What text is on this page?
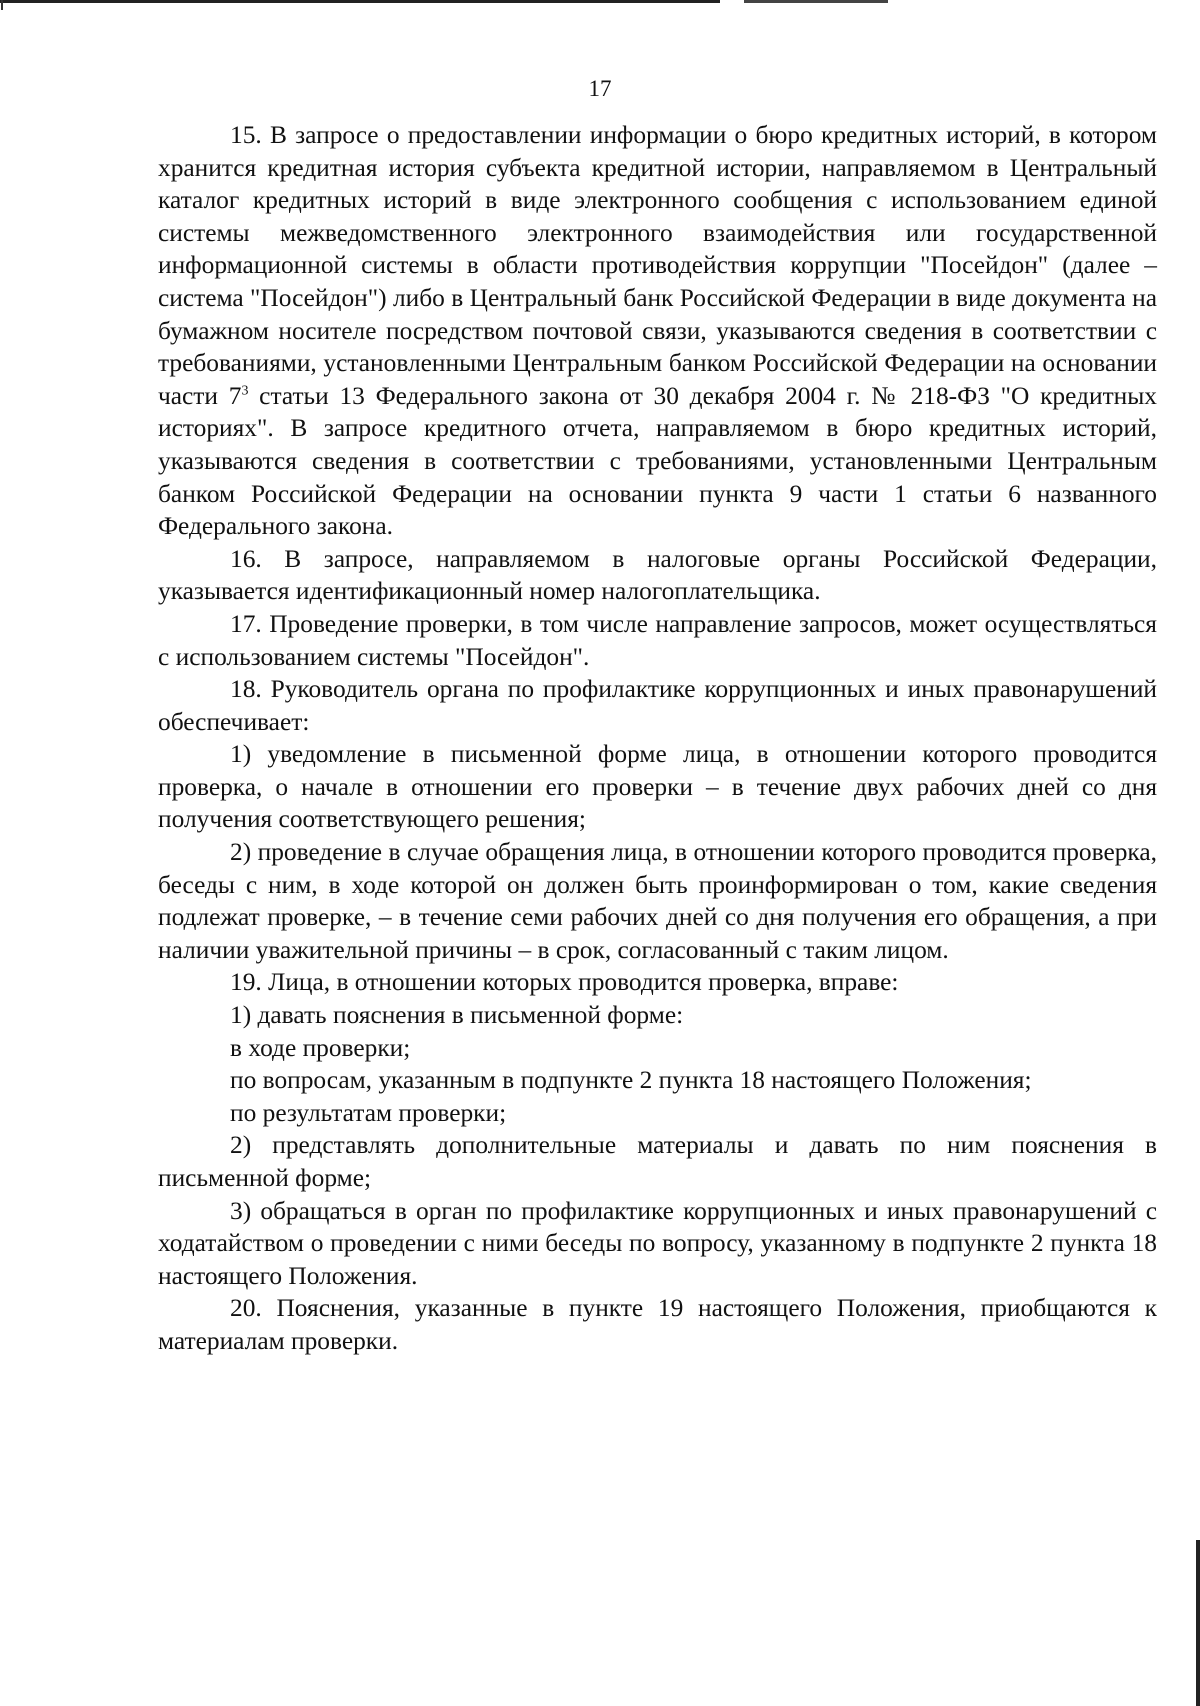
17

15. В запросе о предоставлении информации о бюро кредитных историй, в котором хранится кредитная история субъекта кредитной истории, направляемом в Центральный каталог кредитных историй в виде электронного сообщения с использованием единой системы межведомственного электронного взаимодействия или государственной информационной системы в области противодействия коррупции "Посейдон" (далее – система "Посейдон") либо в Центральный банк Российской Федерации в виде документа на бумажном носителе посредством почтовой связи, указываются сведения в соответствии с требованиями, установленными Центральным банком Российской Федерации на основании части $7^3$ статьи 13 Федерального закона от 30 декабря 2004 г. № 218-ФЗ "О кредитных историях". В запросе кредитного отчета, направляемом в бюро кредитных историй, указываются сведения в соответствии с требованиями, установленными Центральным банком Российской Федерации на основании пункта 9 части 1 статьи 6 названного Федерального закона.

16. В запросе, направляемом в налоговые органы Российской Федерации, указывается идентификационный номер налогоплательщика.

17. Проведение проверки, в том числе направление запросов, может осуществляться с использованием системы "Посейдон".

18. Руководитель органа по профилактике коррупционных и иных правонарушений обеспечивает:

1) уведомление в письменной форме лица, в отношении которого проводится проверка, о начале в отношении его проверки – в течение двух рабочих дней со дня получения соответствующего решения;

2) проведение в случае обращения лица, в отношении которого проводится проверка, беседы с ним, в ходе которой он должен быть проинформирован о том, какие сведения подлежат проверке, – в течение семи рабочих дней со дня получения его обращения, а при наличии уважительной причины – в срок, согласованный с таким лицом.

19. Лица, в отношении которых проводится проверка, вправе:

1) давать пояснения в письменной форме:

в ходе проверки;

по вопросам, указанным в подпункте 2 пункта 18 настоящего Положения;

по результатам проверки;

2) представлять дополнительные материалы и давать по ним пояснения в письменной форме;

3) обращаться в орган по профилактике коррупционных и иных правонарушений с ходатайством о проведении с ними беседы по вопросу, указанному в подпункте 2 пункта 18 настоящего Положения.

20. Пояснения, указанные в пункте 19 настоящего Положения, приобщаются к материалам проверки.
